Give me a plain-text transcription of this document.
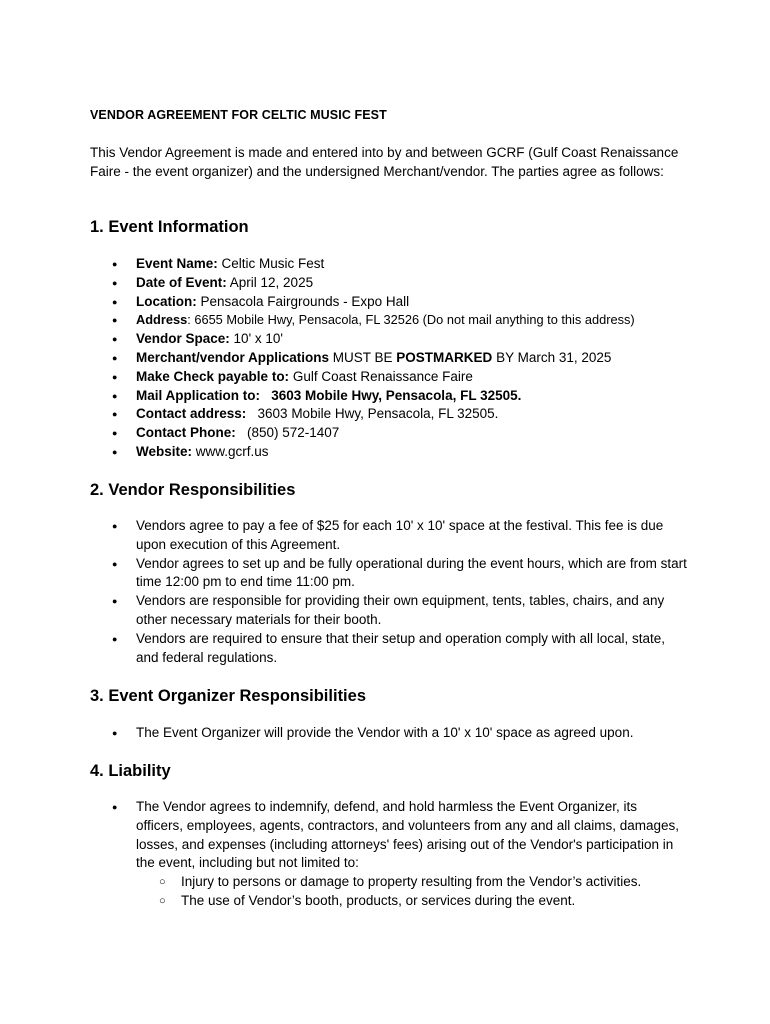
VENDOR AGREEMENT FOR CELTIC MUSIC FEST
This Vendor Agreement is made and entered into by and between GCRF (Gulf Coast Renaissance Faire - the event organizer) and the undersigned Merchant/vendor. The parties agree as follows:
1. Event Information
● Event Name: Celtic Music Fest
● Date of Event: April 12, 2025
● Location: Pensacola Fairgrounds - Expo Hall
● Address: 6655 Mobile Hwy, Pensacola, FL 32526 (Do not mail anything to this address)
● Vendor Space: 10' x 10'
● Merchant/vendor Applications MUST BE POSTMARKED BY March 31, 2025
● Make Check payable to: Gulf Coast Renaissance Faire
● Mail Application to:   3603 Mobile Hwy, Pensacola, FL 32505.
● Contact address:   3603 Mobile Hwy, Pensacola, FL 32505.
● Contact Phone:   (850) 572-1407
● Website: www.gcrf.us
2. Vendor Responsibilities
● Vendors agree to pay a fee of $25 for each 10' x 10' space at the festival. This fee is due upon execution of this Agreement.
● Vendor agrees to set up and be fully operational during the event hours, which are from start time 12:00 pm to end time 11:00 pm.
● Vendors are responsible for providing their own equipment, tents, tables, chairs, and any other necessary materials for their booth.
● Vendors are required to ensure that their setup and operation comply with all local, state, and federal regulations.
3. Event Organizer Responsibilities
● The Event Organizer will provide the Vendor with a 10' x 10' space as agreed upon.
4. Liability
● The Vendor agrees to indemnify, defend, and hold harmless the Event Organizer, its officers, employees, agents, contractors, and volunteers from any and all claims, damages, losses, and expenses (including attorneys' fees) arising out of the Vendor's participation in the event, including but not limited to:
○ Injury to persons or damage to property resulting from the Vendor’s activities.
○ The use of Vendor’s booth, products, or services during the event.
